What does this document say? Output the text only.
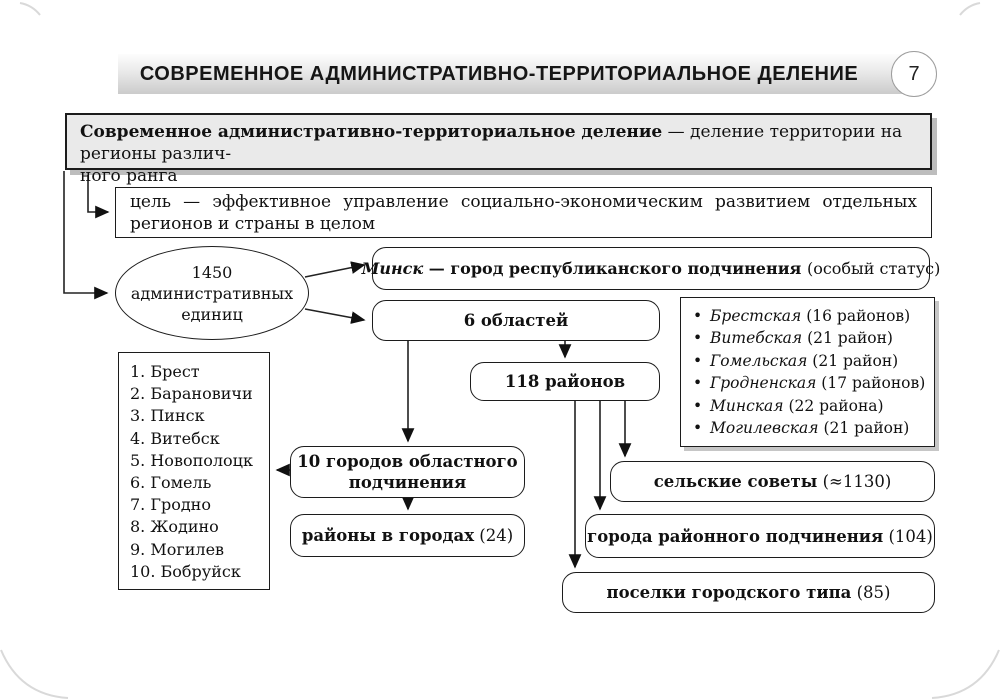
СОВРЕМЕННОЕ АДМИНИСТРАТИВНО-ТЕРРИТОРИАЛЬНОЕ ДЕЛЕНИЕ	7
Современное административно-территориальное деление — деление территории на регионы различ-
ного ранга
цель — эффективное управление социально-экономическим развитием отдельных регионов и страны в целом
1450
административных единиц
Минск — город республиканского подчинения (особый статус)
6 областей
118 районов
• Брестская (16 районов)
• Витебская (21 район)
• Гомельская (21 район)
• Гродненская (17 районов)
• Минская (22 района)
• Могилевская (21 район)
1. Брест
2. Барановичи
3. Пинск
4. Витебск
5. Новополоцк
6. Гомель
7. Гродно
8. Жодино
9. Могилев
10. Бобруйск
10 городов областного
подчинения
районы в городах (24)
сельские советы (≈1130)
города районного подчинения (104)
поселки городского типа (85)
